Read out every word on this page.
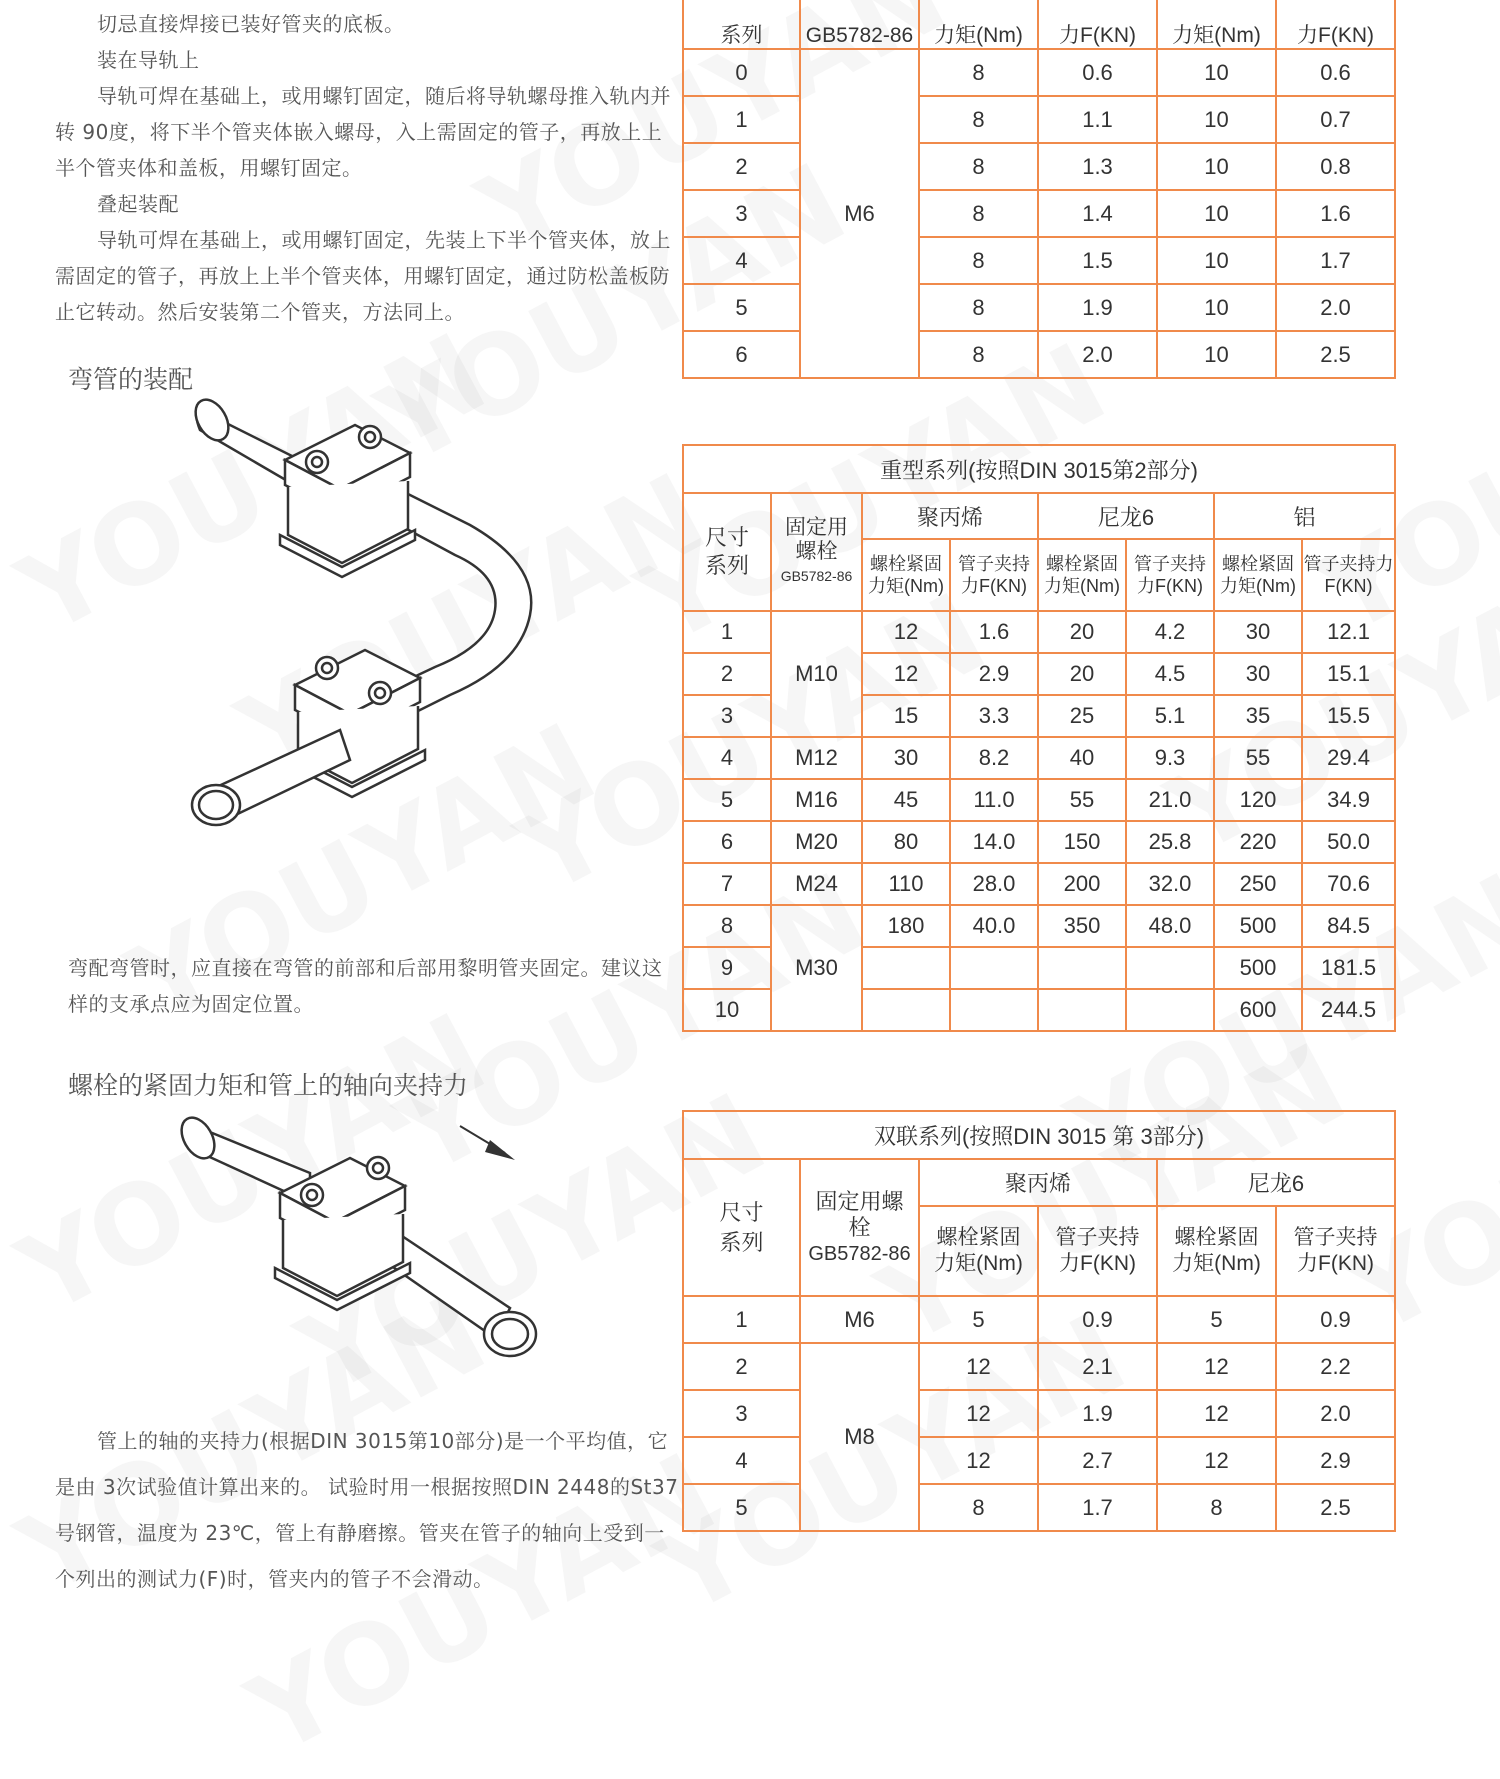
切忌直接焊接已装好管夹的底板。

装在导轨上

导轨可焊在基础上，或用螺钉固定，随后将导轨螺母推入轨内并转 90度，将下半个管夹体嵌入螺母，入上需固定的管子，再放上上半个管夹体和盖板，用螺钉固定。

叠起装配

导轨可焊在基础上，或用螺钉固定，先装上下半个管夹体，放上需固定的管子，再放上上半个管夹体，用螺钉固定，通过防松盖板防止它转动。然后安装第二个管夹，方法同上。

弯管的装配
弯配弯管时，应直接在弯管的前部和后部用黎明管夹固定。建议这样的支承点应为固定位置。
螺栓的紧固力矩和管上的轴向夹持力

管上的轴的夹持力(根据DIN 3015第10部分)是一个平均值，它是由 3次试验值计算出来的。 试验时用一根据按照DIN 2448的St37号钢管，温度为 23℃，管上有静磨擦。管夹在管子的轴向上受到一个列出的测试力(F)时，管夹内的管子不会滑动。

系列	GB5782-86	力矩(Nm)	力F(KN)	力矩(Nm)	力F(KN)
0	M6	8	0.6	10	0.6
1		8	1.1	10	0.7
2		8	1.3	10	0.8
3		8	1.4	10	1.6
4		8	1.5	10	1.7
5		8	1.9	10	2.0
6		8	2.0	10	2.5
重型系列(按照DIN 3015第2部分)							
尺寸系列	固定用螺栓
GB5782-86	聚丙烯		尼龙6		铝	
		螺栓紧固力矩(Nm)	管子夹持力F(KN)	螺栓紧固力矩(Nm)	管子夹持力F(KN)	螺栓紧固力矩(Nm)	管子夹持力F(KN)
1	M10	12	1.6	20	4.2	30	12.1
2		12	2.9	20	4.5	30	15.1
3		15	3.3	25	5.1	35	15.5
4	M12	30	8.2	40	9.3	55	29.4
5	M16	45	11.0	55	21.0	120	34.9
6	M20	80	14.0	150	25.8	220	50.0
7	M24	110	28.0	200	32.0	250	70.6
8	M30	180	40.0	350	48.0	500	84.5
9						500	181.5
10						600	244.5
双联系列(按照DIN 3015 第 3部分)					
尺寸系列	固定用螺栓
GB5782-86	聚丙烯		尼龙6	
		螺栓紧固力矩(Nm)	管子夹持力F(KN)	螺栓紧固力矩(Nm)	管子夹持力F(KN)
1	M6	5	0.9	5	0.9
2	M8	12	2.1	12	2.2
3		12	1.9	12	2.0
4		12	2.7	12	2.9
5		8	1.7	8	2.5
